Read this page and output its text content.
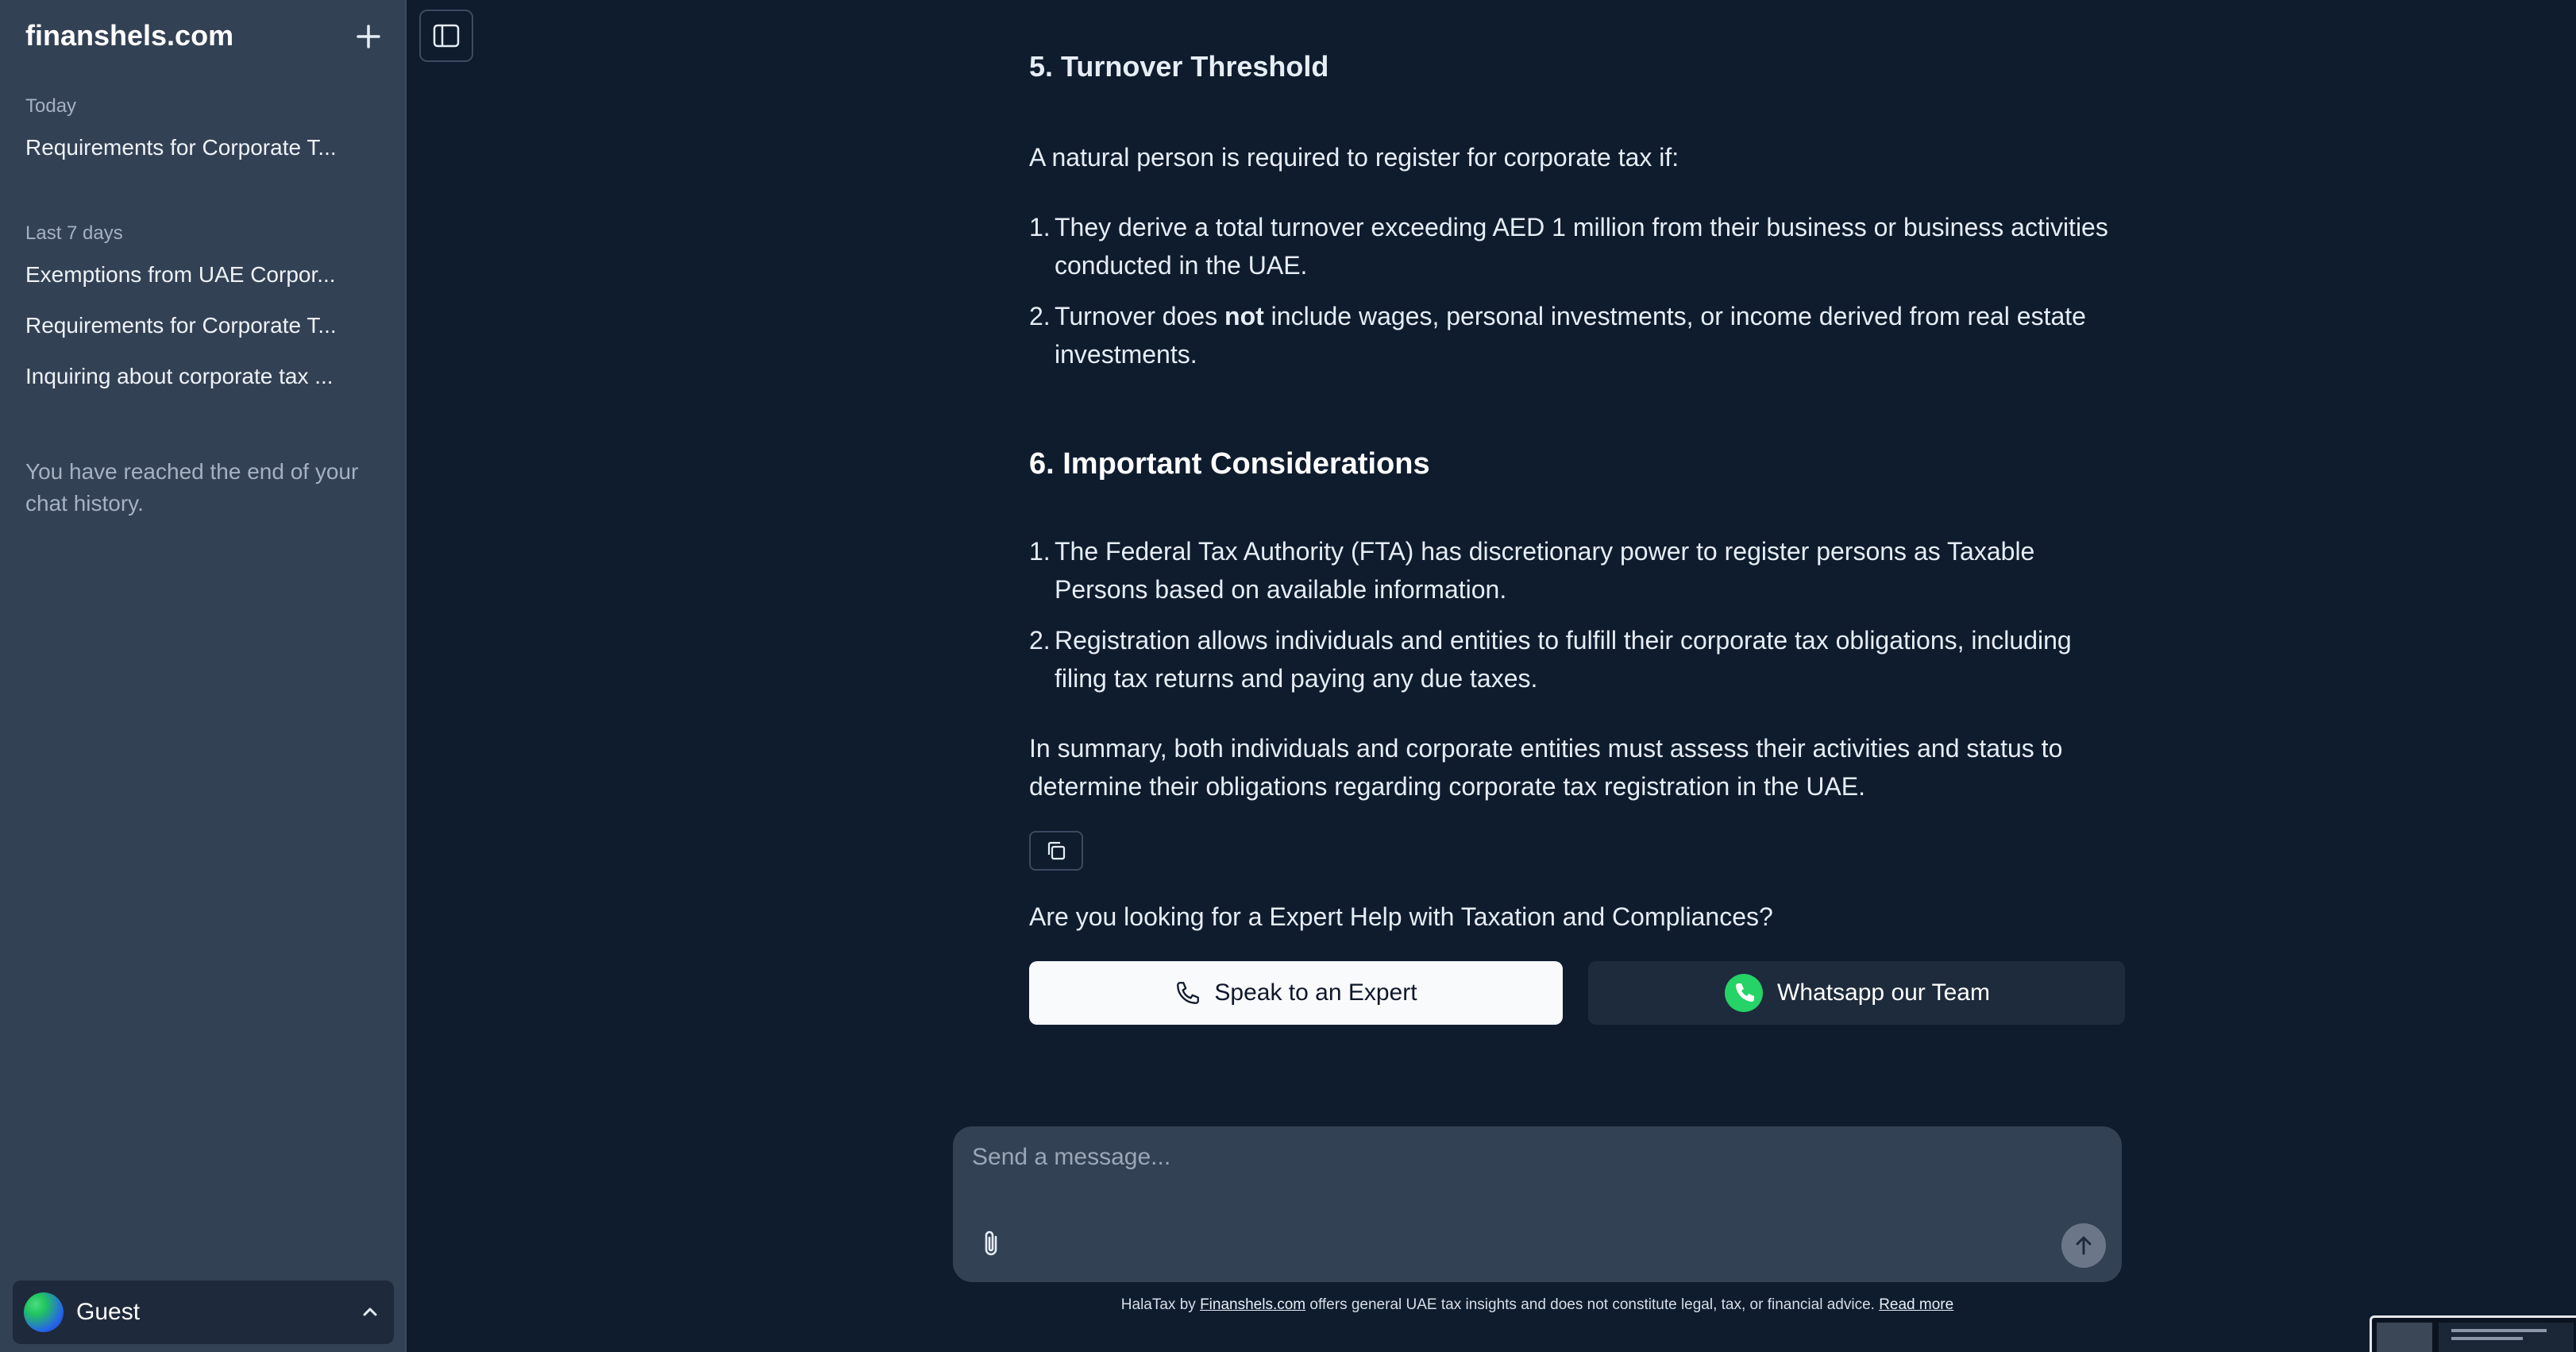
finanshels.com
Today
Requirements for Corporate T...
Last 7 days
Exemptions from UAE Corpor...
Requirements for Corporate T...
Inquiring about corporate tax ...
You have reached the end of your chat history.
Guest
5. Turnover Threshold
A natural person is required to register for corporate tax if:
1. They derive a total turnover exceeding AED 1 million from their business or business activities conducted in the UAE.
2. Turnover does not include wages, personal investments, or income derived from real estate investments.
6. Important Considerations
1. The Federal Tax Authority (FTA) has discretionary power to register persons as Taxable Persons based on available information.
2. Registration allows individuals and entities to fulfill their corporate tax obligations, including filing tax returns and paying any due taxes.
In summary, both individuals and corporate entities must assess their activities and status to determine their obligations regarding corporate tax registration in the UAE.
Are you looking for a Expert Help with Taxation and Compliances?
Speak to an Expert	Whatsapp our Team
Send a message...
HalaTax by Finanshels.com offers general UAE tax insights and does not constitute legal, tax, or financial advice. Read more
